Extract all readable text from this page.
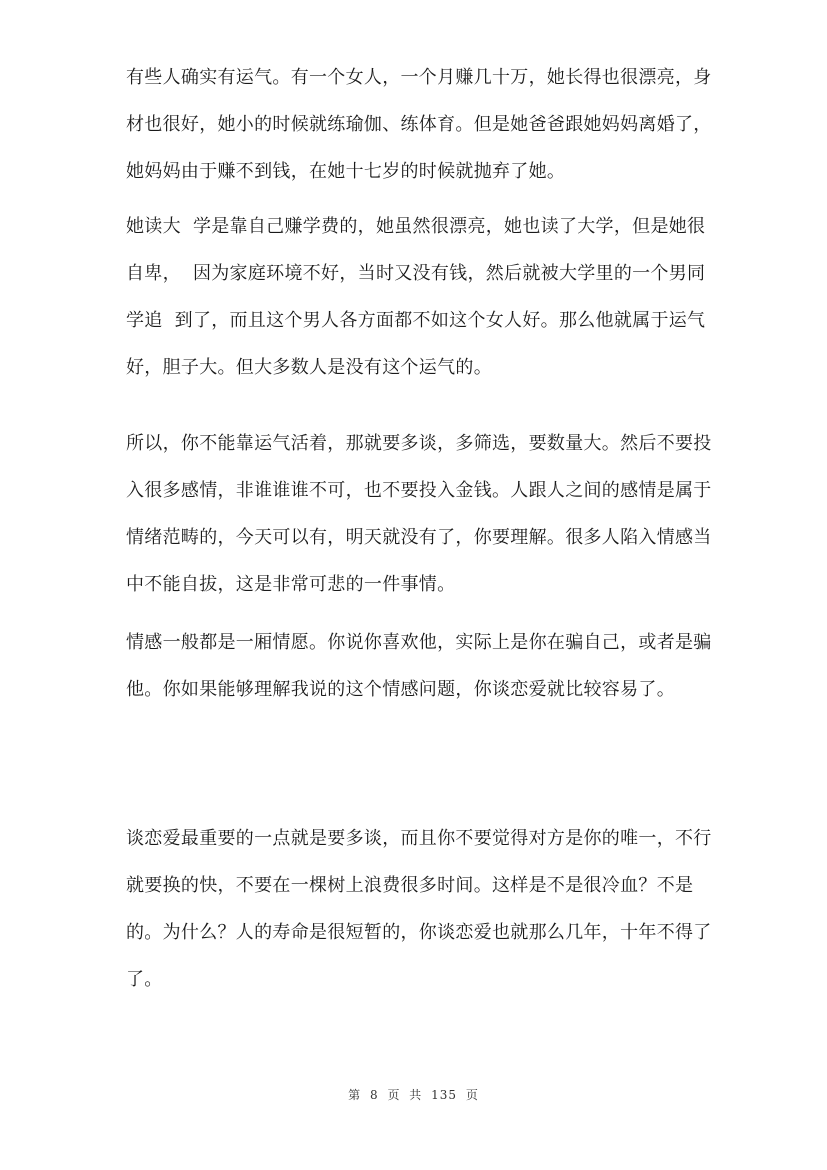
有些人确实有运气。有一个女人，一个月赚几十万，她长得也很漂亮，身材也很好，她小的时候就练瑜伽、练体育。但是她爸爸跟她妈妈离婚了，她妈妈由于赚不到钱，在她十七岁的时候就抛弃了她。

她读大  学是靠自己赚学费的，她虽然很漂亮，她也读了大学，但是她很自卑，  因为家庭环境不好，当时又没有钱，然后就被大学里的一个男同学追  到了，而且这个男人各方面都不如这个女人好。那么他就属于运气好，胆子大。但大多数人是没有这个运气的。

所以，你不能靠运气活着，那就要多谈，多筛选，要数量大。然后不要投入很多感情，非谁谁谁不可，也不要投入金钱。人跟人之间的感情是属于情绪范畴的，今天可以有，明天就没有了，你要理解。很多人陷入情感当中不能自拔，这是非常可悲的一件事情。

情感一般都是一厢情愿。你说你喜欢他，实际上是你在骗自己，或者是骗他。你如果能够理解我说的这个情感问题，你谈恋爱就比较容易了。

谈恋爱最重要的一点就是要多谈，而且你不要觉得对方是你的唯一，不行就要换的快，不要在一棵树上浪费很多时间。这样是不是很冷血？不是的。为什么？人的寿命是很短暂的，你谈恋爱也就那么几年，十年不得了了。

第 8 页 共 135 页
